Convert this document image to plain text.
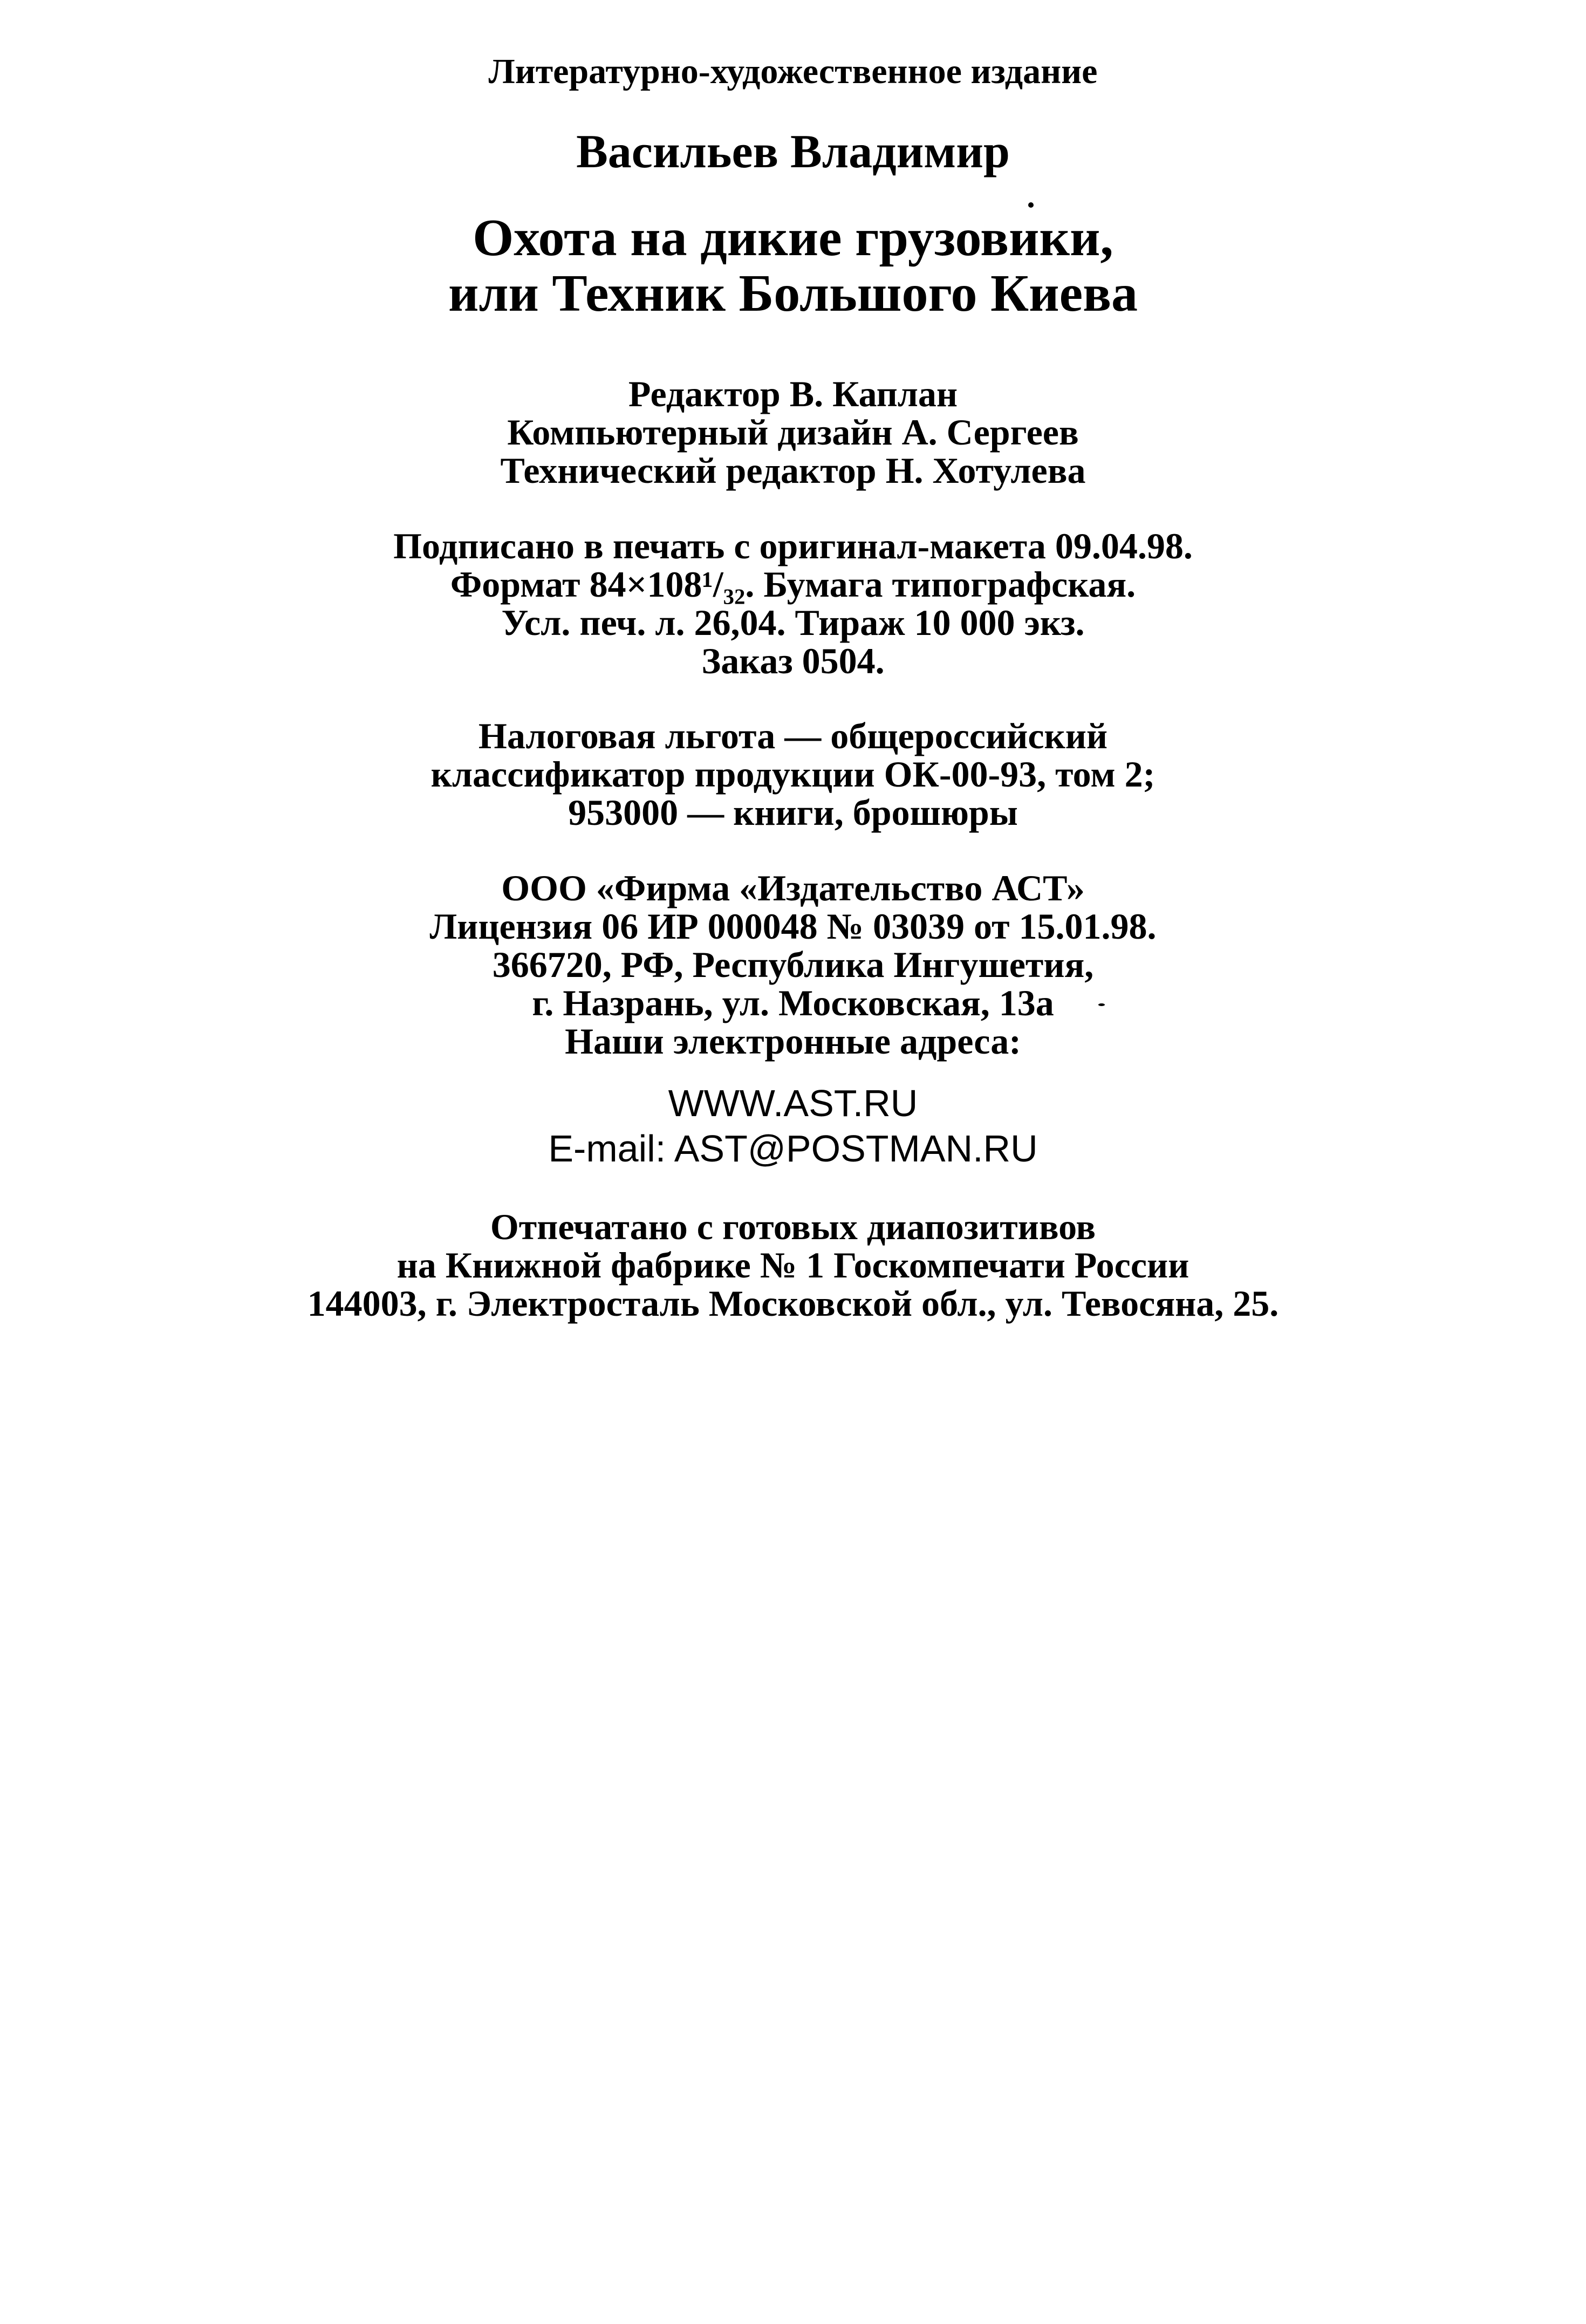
Литературно-художественное издание
Васильев Владимир
Охота на дикие грузовики,
или Техник Большого Киева
Редактор В. Каплан
Компьютерный дизайн А. Сергеев
Технический редактор Н. Хотулева
Подписано в печать с оригинал-макета 09.04.98.
Формат 84×108¹/₃₂. Бумага типографская.
Усл. печ. л. 26,04. Тираж 10 000 экз.
Заказ 0504.
Налоговая льгота — общероссийский
классификатор продукции ОК-00-93, том 2;
953000 — книги, брошюры
ООО «Фирма «Издательство АСТ»
Лицензия 06 ИР 000048 № 03039 от 15.01.98.
366720, РФ, Республика Ингушетия,
г. Назрань, ул. Московская, 13а
Наши электронные адреса:
WWW.AST.RU
E-mail: AST@POSTMAN.RU
Отпечатано с готовых диапозитивов
на Книжной фабрике № 1 Госкомпечати России
144003, г. Электросталь Московской обл., ул. Тевосяна, 25.
